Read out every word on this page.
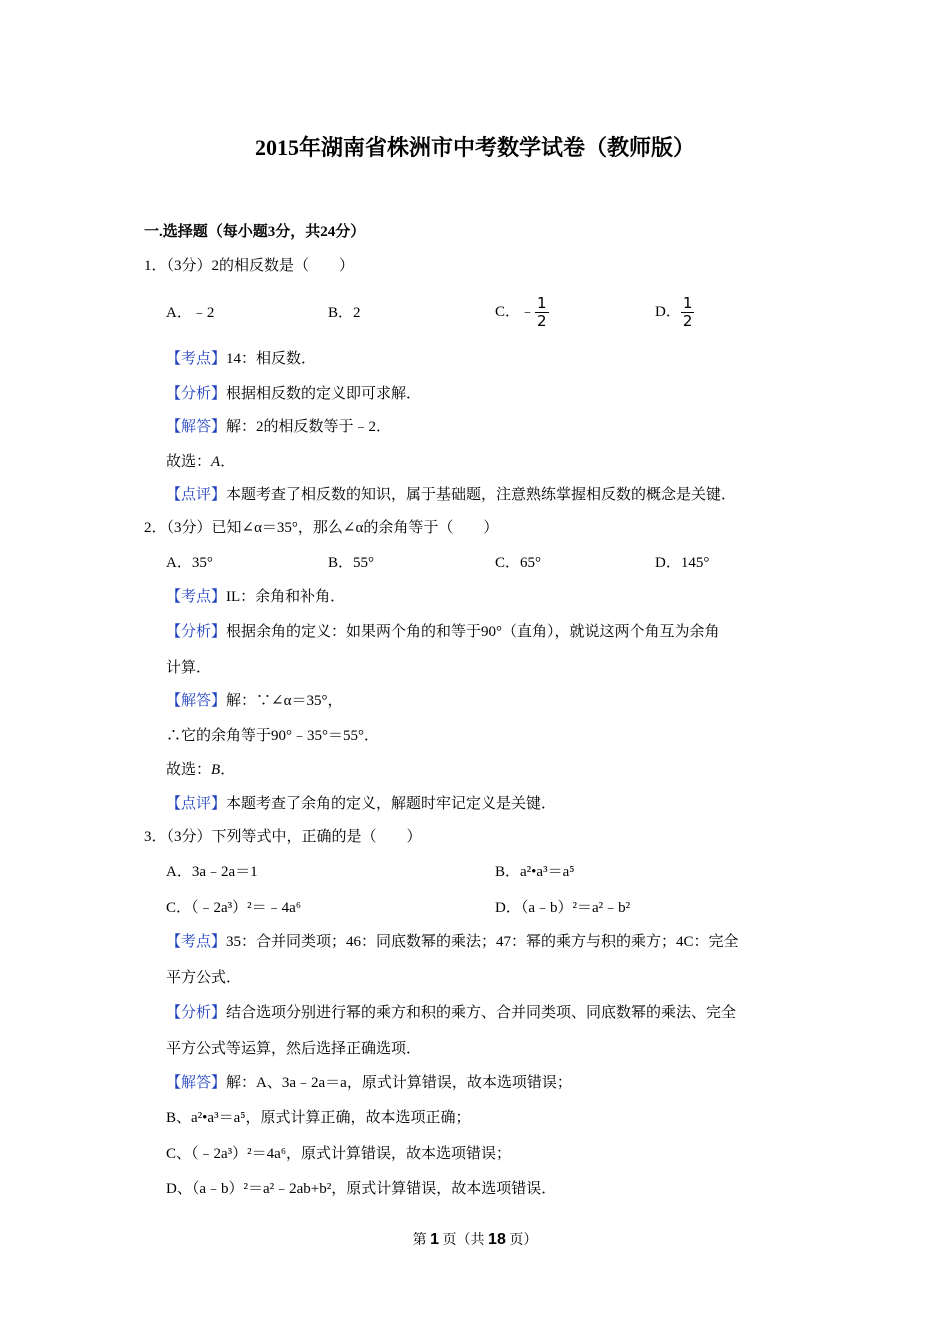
2015年湖南省株洲市中考数学试卷（教师版）
一.选择题（每小题3分，共24分）
1．（3分）2的相反数是（　　）
A．﹣2	B．2	C．﹣ $\frac{1}{2}$	D． $\frac{1}{2}$
【考点】14：相反数．
【分析】根据相反数的定义即可求解．
【解答】解：2的相反数等于﹣2．
故选：A．
【点评】本题考查了相反数的知识，属于基础题，注意熟练掌握相反数的概念是关键．
2．（3分）已知∠α＝35°，那么∠α的余角等于（　　）
A．35°	B．55°	C．65°	D．145°
【考点】IL：余角和补角．
【分析】根据余角的定义：如果两个角的和等于90°（直角），就说这两个角互为余角
计算．
【解答】解：∵∠α＝35°，
∴它的余角等于90°﹣35°＝55°．
故选：B．
【点评】本题考查了余角的定义，解题时牢记定义是关键．
3．（3分）下列等式中，正确的是（　　）
A．3a﹣2a＝1	B．a²•a³＝a⁵
C．（﹣2a³）²＝﹣4a⁶	D．（a﹣b）²＝a²﹣b²
【考点】35：合并同类项；46：同底数幂的乘法；47：幂的乘方与积的乘方；4C：完全
平方公式．
【分析】结合选项分别进行幂的乘方和积的乘方、合并同类项、同底数幂的乘法、完全
平方公式等运算，然后选择正确选项．
【解答】解：A、3a﹣2a＝a，原式计算错误，故本选项错误；
B、a²•a³＝a⁵，原式计算正确，故本选项正确；
C、（﹣2a³）²＝4a⁶，原式计算错误，故本选项错误；
D、（a﹣b）²＝a²﹣2ab+b²，原式计算错误，故本选项错误．
第 1 页（共 18 页）
